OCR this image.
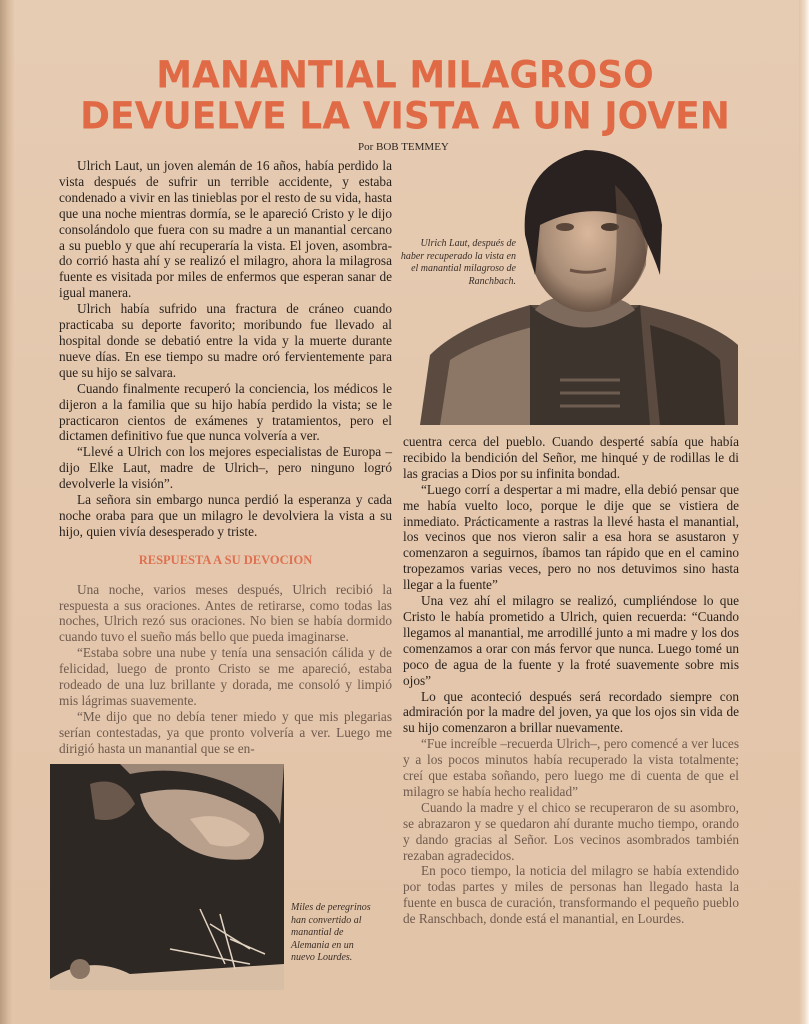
MANANTIAL MILAGROSO
DEVUELVE LA VISTA A UN JOVEN
Por BOB TEMMEY
Ulrich Laut, después de haber recuperado la vista en el manantial milagroso de Ranchbach.

Ulrich Laut, un joven alemán de 16 años, había perdido la vista después de sufrir un terrible accidente, y estaba condenado a vivir en las tinieblas por el resto de su vida, hasta que una noche mientras dormía, se le apareció Cristo y le dijo consolándolo que fuera con su madre a un manantial cercano a su pueblo y que ahí recuperaría la vista. El joven, asombrado corrió hasta ahí y se realizó el milagro, ahora la milagrosa fuente es visitada por miles de enfermos que esperan sanar de igual manera.

Ulrich había sufrido una fractura de cráneo cuando practicaba su deporte favorito; moribundo fue llevado al hospital donde se debatió entre la vida y la muerte durante nueve días. En ese tiempo su madre oró fervientemente para que su hijo se salvara.

Cuando finalmente recuperó la conciencia, los médicos le dijeron a la familia que su hijo había perdido la vista; se le practicaron cientos de exámenes y tratamientos, pero el dictamen definitivo fue que nunca volvería a ver.

“Llevé a Ulrich con los mejores especialistas de Europa –dijo Elke Laut, madre de Ulrich–, pero ninguno logró devolverle la visión”.

La señora sin embargo nunca perdió la esperanza y cada noche oraba para que un milagro le devolviera la vista a su hijo, quien vivía desesperado y triste.

RESPUESTA A SU DEVOCION

Una noche, varios meses después, Ulrich recibió la respuesta a sus oraciones. Antes de retirarse, como todas las noches, Ulrich rezó sus oraciones. No bien se había dormido cuando tuvo el sueño más bello que pueda imaginarse.

“Estaba sobre una nube y tenía una sensación cálida y de felicidad, luego de pronto Cristo se me apareció, estaba rodeado de una luz brillante y dorada, me consoló y limpió mis lágrimas suavemente.

“Me dijo que no debía tener miedo y que mis plegarias serían contestadas, ya que pronto volvería a ver. Luego me dirigió hasta un manantial que se en-

cuentra cerca del pueblo. Cuando desperté sabía que había recibido la bendición del Señor, me hinqué y de rodillas le di las gracias a Dios por su infinita bondad.

“Luego corrí a despertar a mi madre, ella debió pensar que me había vuelto loco, porque le dije que se vistiera de inmediato. Prácticamente a rastras la llevé hasta el manantial, los vecinos que nos vieron salir a esa hora se asustaron y comenzaron a seguirnos, íbamos tan rápido que en el camino tropezamos varias veces, pero no nos detuvimos sino hasta llegar a la fuente”

Una vez ahí el milagro se realizó, cumpliéndose lo que Cristo le había prometido a Ulrich, quien recuerda: “Cuando llegamos al manantial, me arrodillé junto a mi madre y los dos comenzamos a orar con más fervor que nunca. Luego tomé un poco de agua de la fuente y la froté suavemente sobre mis ojos”

Lo que aconteció después será recordado siempre con admiración por la madre del joven, ya que los ojos sin vida de su hijo comenzaron a brillar nuevamente.

“Fue increíble –recuerda Ulrich–, pero comencé a ver luces y a los pocos minutos había recuperado la vista totalmente; creí que estaba soñando, pero luego me di cuenta de que el milagro se había hecho realidad”

Cuando la madre y el chico se recuperaron de su asombro, se abrazaron y se quedaron ahí durante mucho tiempo, orando y dando gracias al Señor. Los vecinos asombrados también rezaban agradecidos.

En poco tiempo, la noticia del milagro se había extendido por todas partes y miles de personas han llegado hasta la fuente en busca de curación, transformando el pequeño pueblo de Ranschbach, donde está el manantial, en Lourdes.

Miles de peregrinos han convertido al manantial de Alemania en un nuevo Lourdes.
